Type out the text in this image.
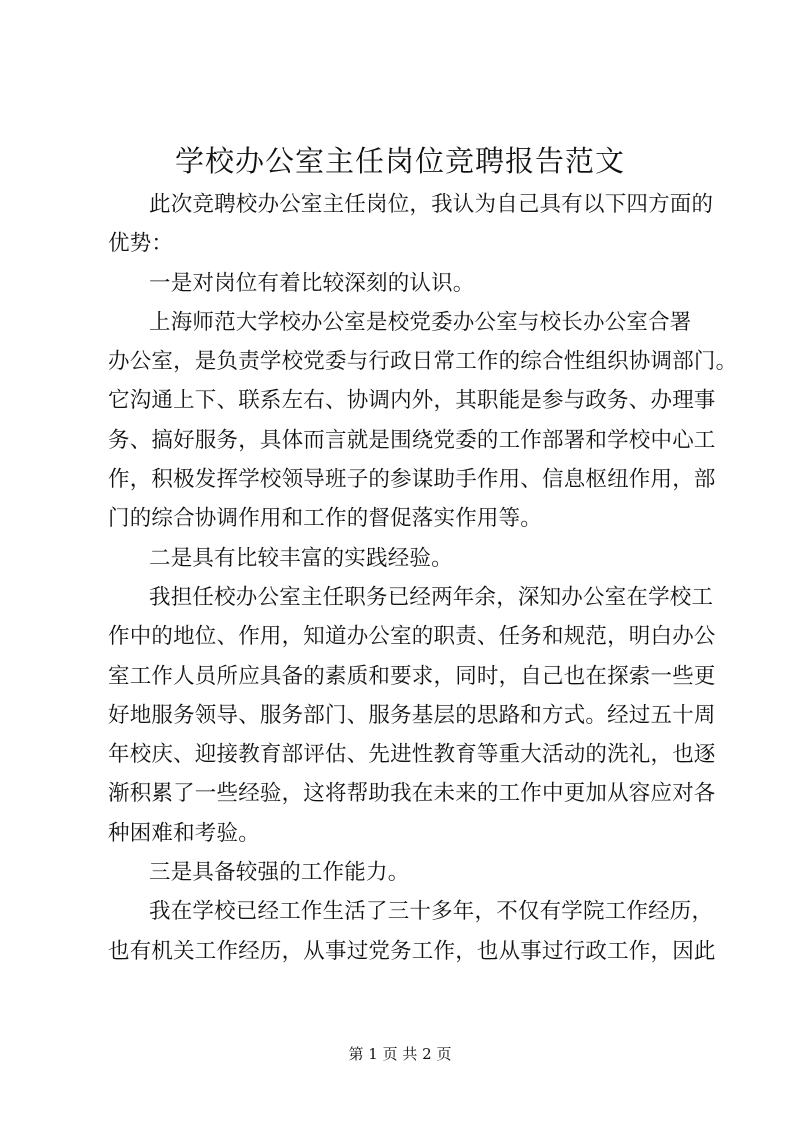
学校办公室主任岗位竞聘报告范文
此次竞聘校办公室主任岗位，我认为自己具有以下四方面的
优势：
一是对岗位有着比较深刻的认识。
上海师范大学校办公室是校党委办公室与校长办公室合署
办公室，是负责学校党委与行政日常工作的综合性组织协调部门。
它沟通上下、联系左右、协调内外，其职能是参与政务、办理事
务、搞好服务，具体而言就是围绕党委的工作部署和学校中心工
作，积极发挥学校领导班子的参谋助手作用、信息枢纽作用，部
门的综合协调作用和工作的督促落实作用等。
二是具有比较丰富的实践经验。
我担任校办公室主任职务已经两年余，深知办公室在学校工
作中的地位、作用，知道办公室的职责、任务和规范，明白办公
室工作人员所应具备的素质和要求，同时，自己也在探索一些更
好地服务领导、服务部门、服务基层的思路和方式。经过五十周
年校庆、迎接教育部评估、先进性教育等重大活动的洗礼，也逐
渐积累了一些经验，这将帮助我在未来的工作中更加从容应对各
种困难和考验。
三是具备较强的工作能力。
我在学校已经工作生活了三十多年，不仅有学院工作经历，
也有机关工作经历，从事过党务工作，也从事过行政工作，因此
第 1 页 共 2 页
